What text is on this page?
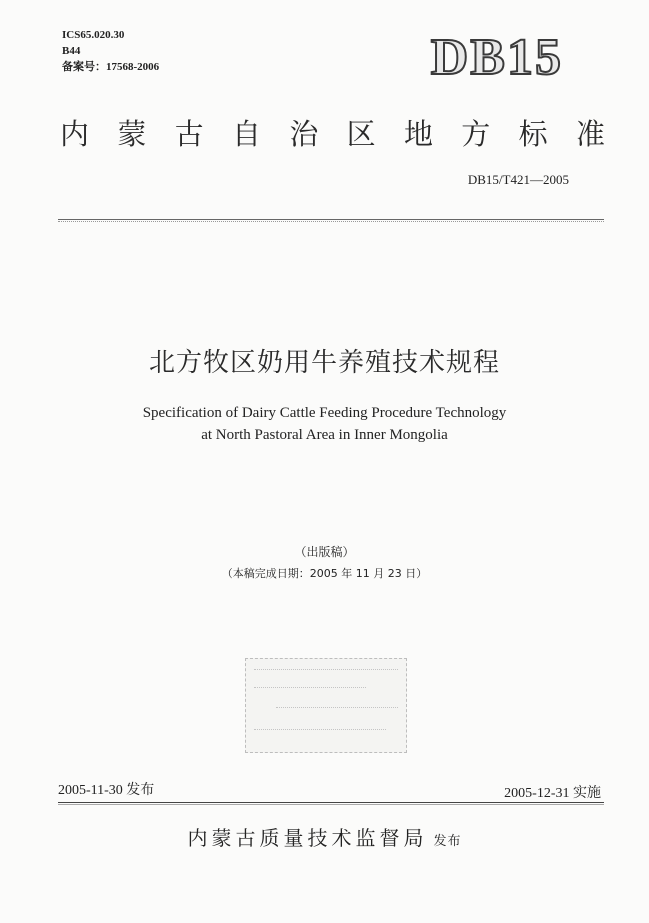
ICS65.020.30
B44
备案号：17568-2006	DB15
内 蒙 古 自 治 区 地 方 标 准
DB15/T421—2005
北方牧区奶用牛养殖技术规程
Specification of Dairy Cattle Feeding Procedure Technology
at North Pastoral Area in Inner Mongolia
（出版稿）
（本稿完成日期：2005 年 11 月 23 日）
2005-11-30 发布	2005-12-31 实施
内蒙古质量技术监督局 发布
